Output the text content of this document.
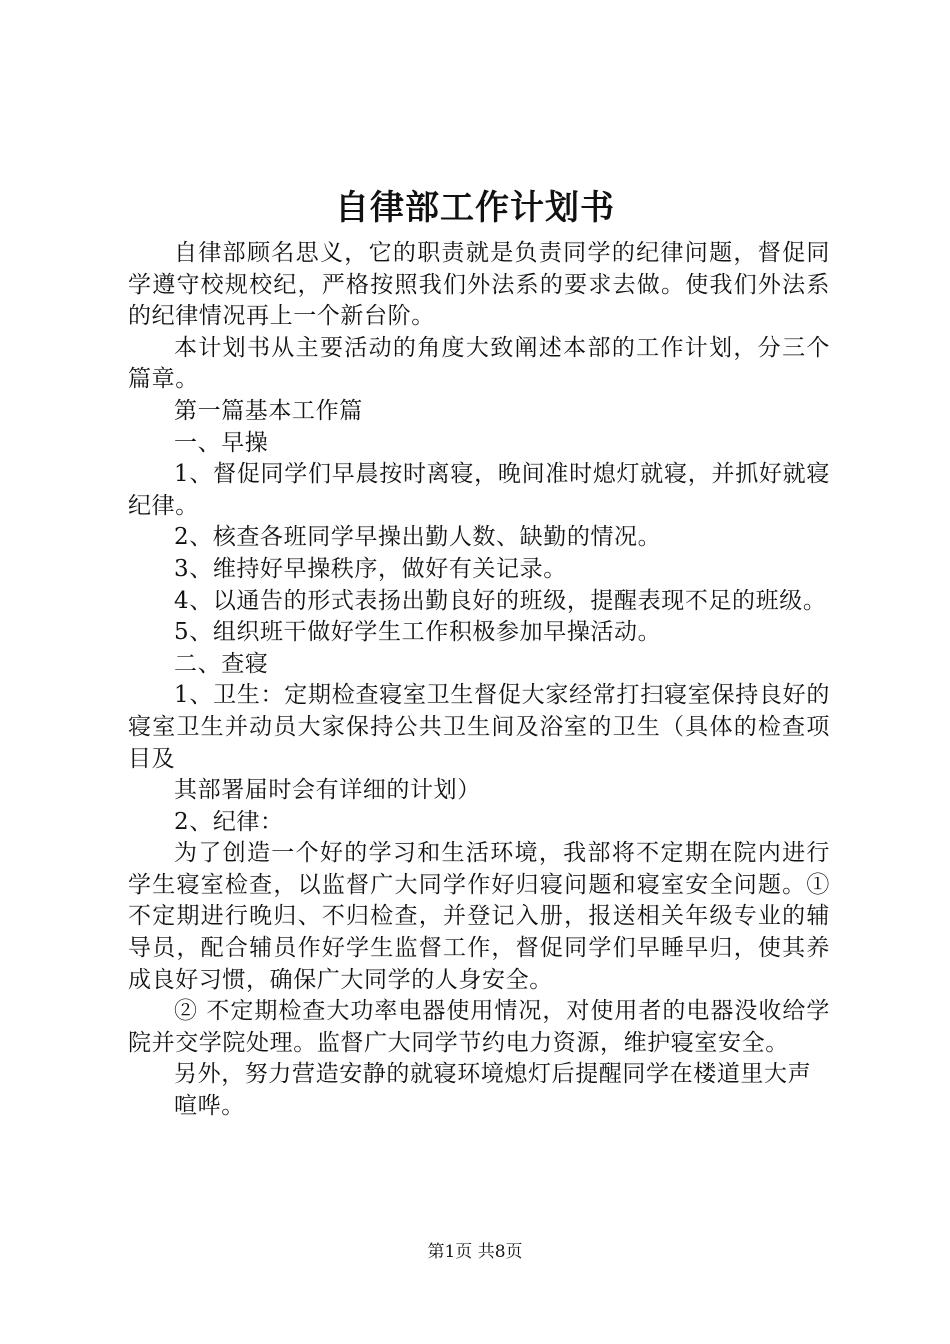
自律部工作计划书

自律部顾名思义，它的职责就是负责同学的纪律问题，督促同学遵守校规校纪，严格按照我们外法系的要求去做。使我们外法系的纪律情况再上一个新台阶。

本计划书从主要活动的角度大致阐述本部的工作计划，分三个篇章。

第一篇基本工作篇

一、早操

1、督促同学们早晨按时离寝，晚间准时熄灯就寝，并抓好就寝纪律。

2、核查各班同学早操出勤人数、缺勤的情况。

3、维持好早操秩序，做好有关记录。

4、以通告的形式表扬出勤良好的班级，提醒表现不足的班级。

5、组织班干做好学生工作积极参加早操活动。

二、查寝

1、卫生：定期检查寝室卫生督促大家经常打扫寝室保持良好的寝室卫生并动员大家保持公共卫生间及浴室的卫生（具体的检查项目及

其部署届时会有详细的计划）

2、纪律：

为了创造一个好的学习和生活环境，我部将不定期在院内进行学生寝室检查，以监督广大同学作好归寝问题和寝室安全问题。①不定期进行晚归、不归检查，并登记入册，报送相关年级专业的辅导员，配合辅员作好学生监督工作，督促同学们早睡早归，使其养成良好习惯，确保广大同学的人身安全。

② 不定期检查大功率电器使用情况，对使用者的电器没收给学院并交学院处理。监督广大同学节约电力资源，维护寝室安全。

另外，努力营造安静的就寝环境熄灯后提醒同学在楼道里大声

喧哗。

第1页 共8页
